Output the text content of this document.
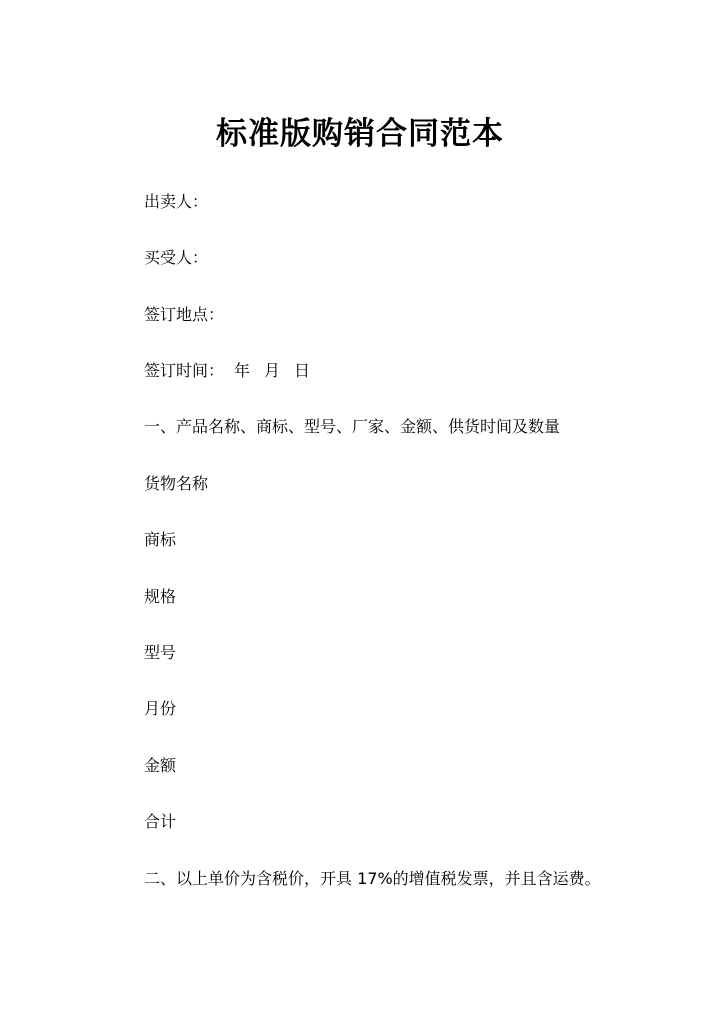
标准版购销合同范本

出卖人：

买受人：

签订地点：

签订时间： 年 月 日

一、产品名称、商标、型号、厂家、金额、供货时间及数量

货物名称

商标

规格

型号

月份

金额

合计

二、以上单价为含税价，开具 17%的增值税发票，并且含运费。
